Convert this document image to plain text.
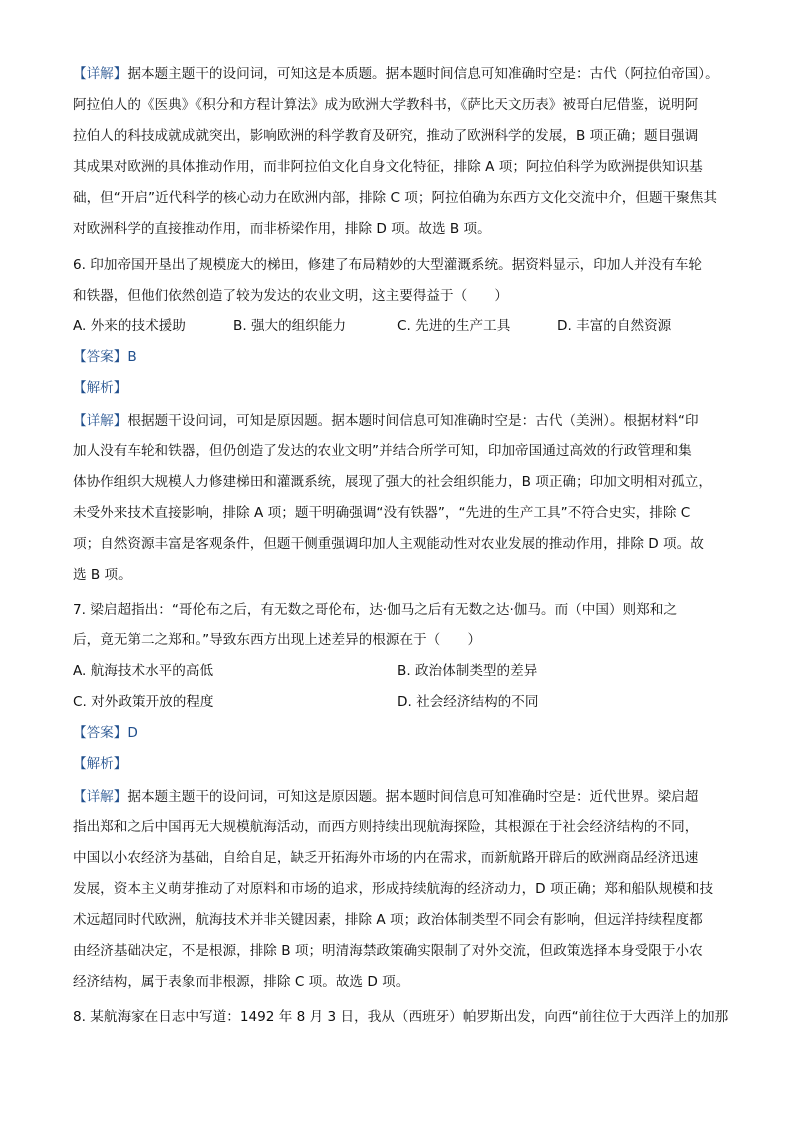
【详解】据本题主题干的设问词，可知这是本质题。据本题时间信息可知准确时空是：古代（阿拉伯帝国）。
阿拉伯人的《医典》《积分和方程计算法》成为欧洲大学教科书，《萨比天文历表》被哥白尼借鉴，说明阿
拉伯人的科技成就成就突出，影响欧洲的科学教育及研究，推动了欧洲科学的发展，B 项正确；题目强调
其成果对欧洲的具体推动作用，而非阿拉伯文化自身文化特征，排除 A 项；阿拉伯科学为欧洲提供知识基
础，但“开启”近代科学的核心动力在欧洲内部，排除 C 项；阿拉伯确为东西方文化交流中介，但题干聚焦其
对欧洲科学的直接推动作用，而非桥梁作用，排除 D 项。故选 B 项。
6. 印加帝国开垦出了规模庞大的梯田，修建了布局精妙的大型灌溉系统。据资料显示，印加人并没有车轮
和铁器，但他们依然创造了较为发达的农业文明，这主要得益于（　　）
A. 外来的技术援助	B. 强大的组织能力	C. 先进的生产工具	D. 丰富的自然资源
【答案】B
【解析】
【详解】根据题干设问词，可知是原因题。据本题时间信息可知准确时空是：古代（美洲）。根据材料“印
加人没有车轮和铁器，但仍创造了发达的农业文明”并结合所学可知，印加帝国通过高效的行政管理和集
体协作组织大规模人力修建梯田和灌溉系统，展现了强大的社会组织能力，B 项正确；印加文明相对孤立，
未受外来技术直接影响，排除 A 项；题干明确强调“没有铁器”，“先进的生产工具”不符合史实，排除 C
项；自然资源丰富是客观条件，但题干侧重强调印加人主观能动性对农业发展的推动作用，排除 D 项。故
选 B 项。
7. 梁启超指出：“哥伦布之后，有无数之哥伦布，达·伽马之后有无数之达·伽马。而（中国）则郑和之
后，竟无第二之郑和。”导致东西方出现上述差异的根源在于（　　）
A. 航海技术水平的高低	B. 政治体制类型的差异
C. 对外政策开放的程度	D. 社会经济结构的不同
【答案】D
【解析】
【详解】据本题主题干的设问词，可知这是原因题。据本题时间信息可知准确时空是：近代世界。梁启超
指出郑和之后中国再无大规模航海活动，而西方则持续出现航海探险，其根源在于社会经济结构的不同，
中国以小农经济为基础，自给自足，缺乏开拓海外市场的内在需求，而新航路开辟后的欧洲商品经济迅速
发展，资本主义萌芽推动了对原料和市场的追求，形成持续航海的经济动力，D 项正确；郑和船队规模和技
术远超同时代欧洲，航海技术并非关键因素，排除 A 项；政治体制类型不同会有影响，但远洋持续程度都
由经济基础决定，不是根源，排除 B 项；明清海禁政策确实限制了对外交流，但政策选择本身受限于小农
经济结构，属于表象而非根源，排除 C 项。故选 D 项。
8. 某航海家在日志中写道：1492 年 8 月 3 日，我从（西班牙）帕罗斯出发，向西“前往位于大西洋上的加那
